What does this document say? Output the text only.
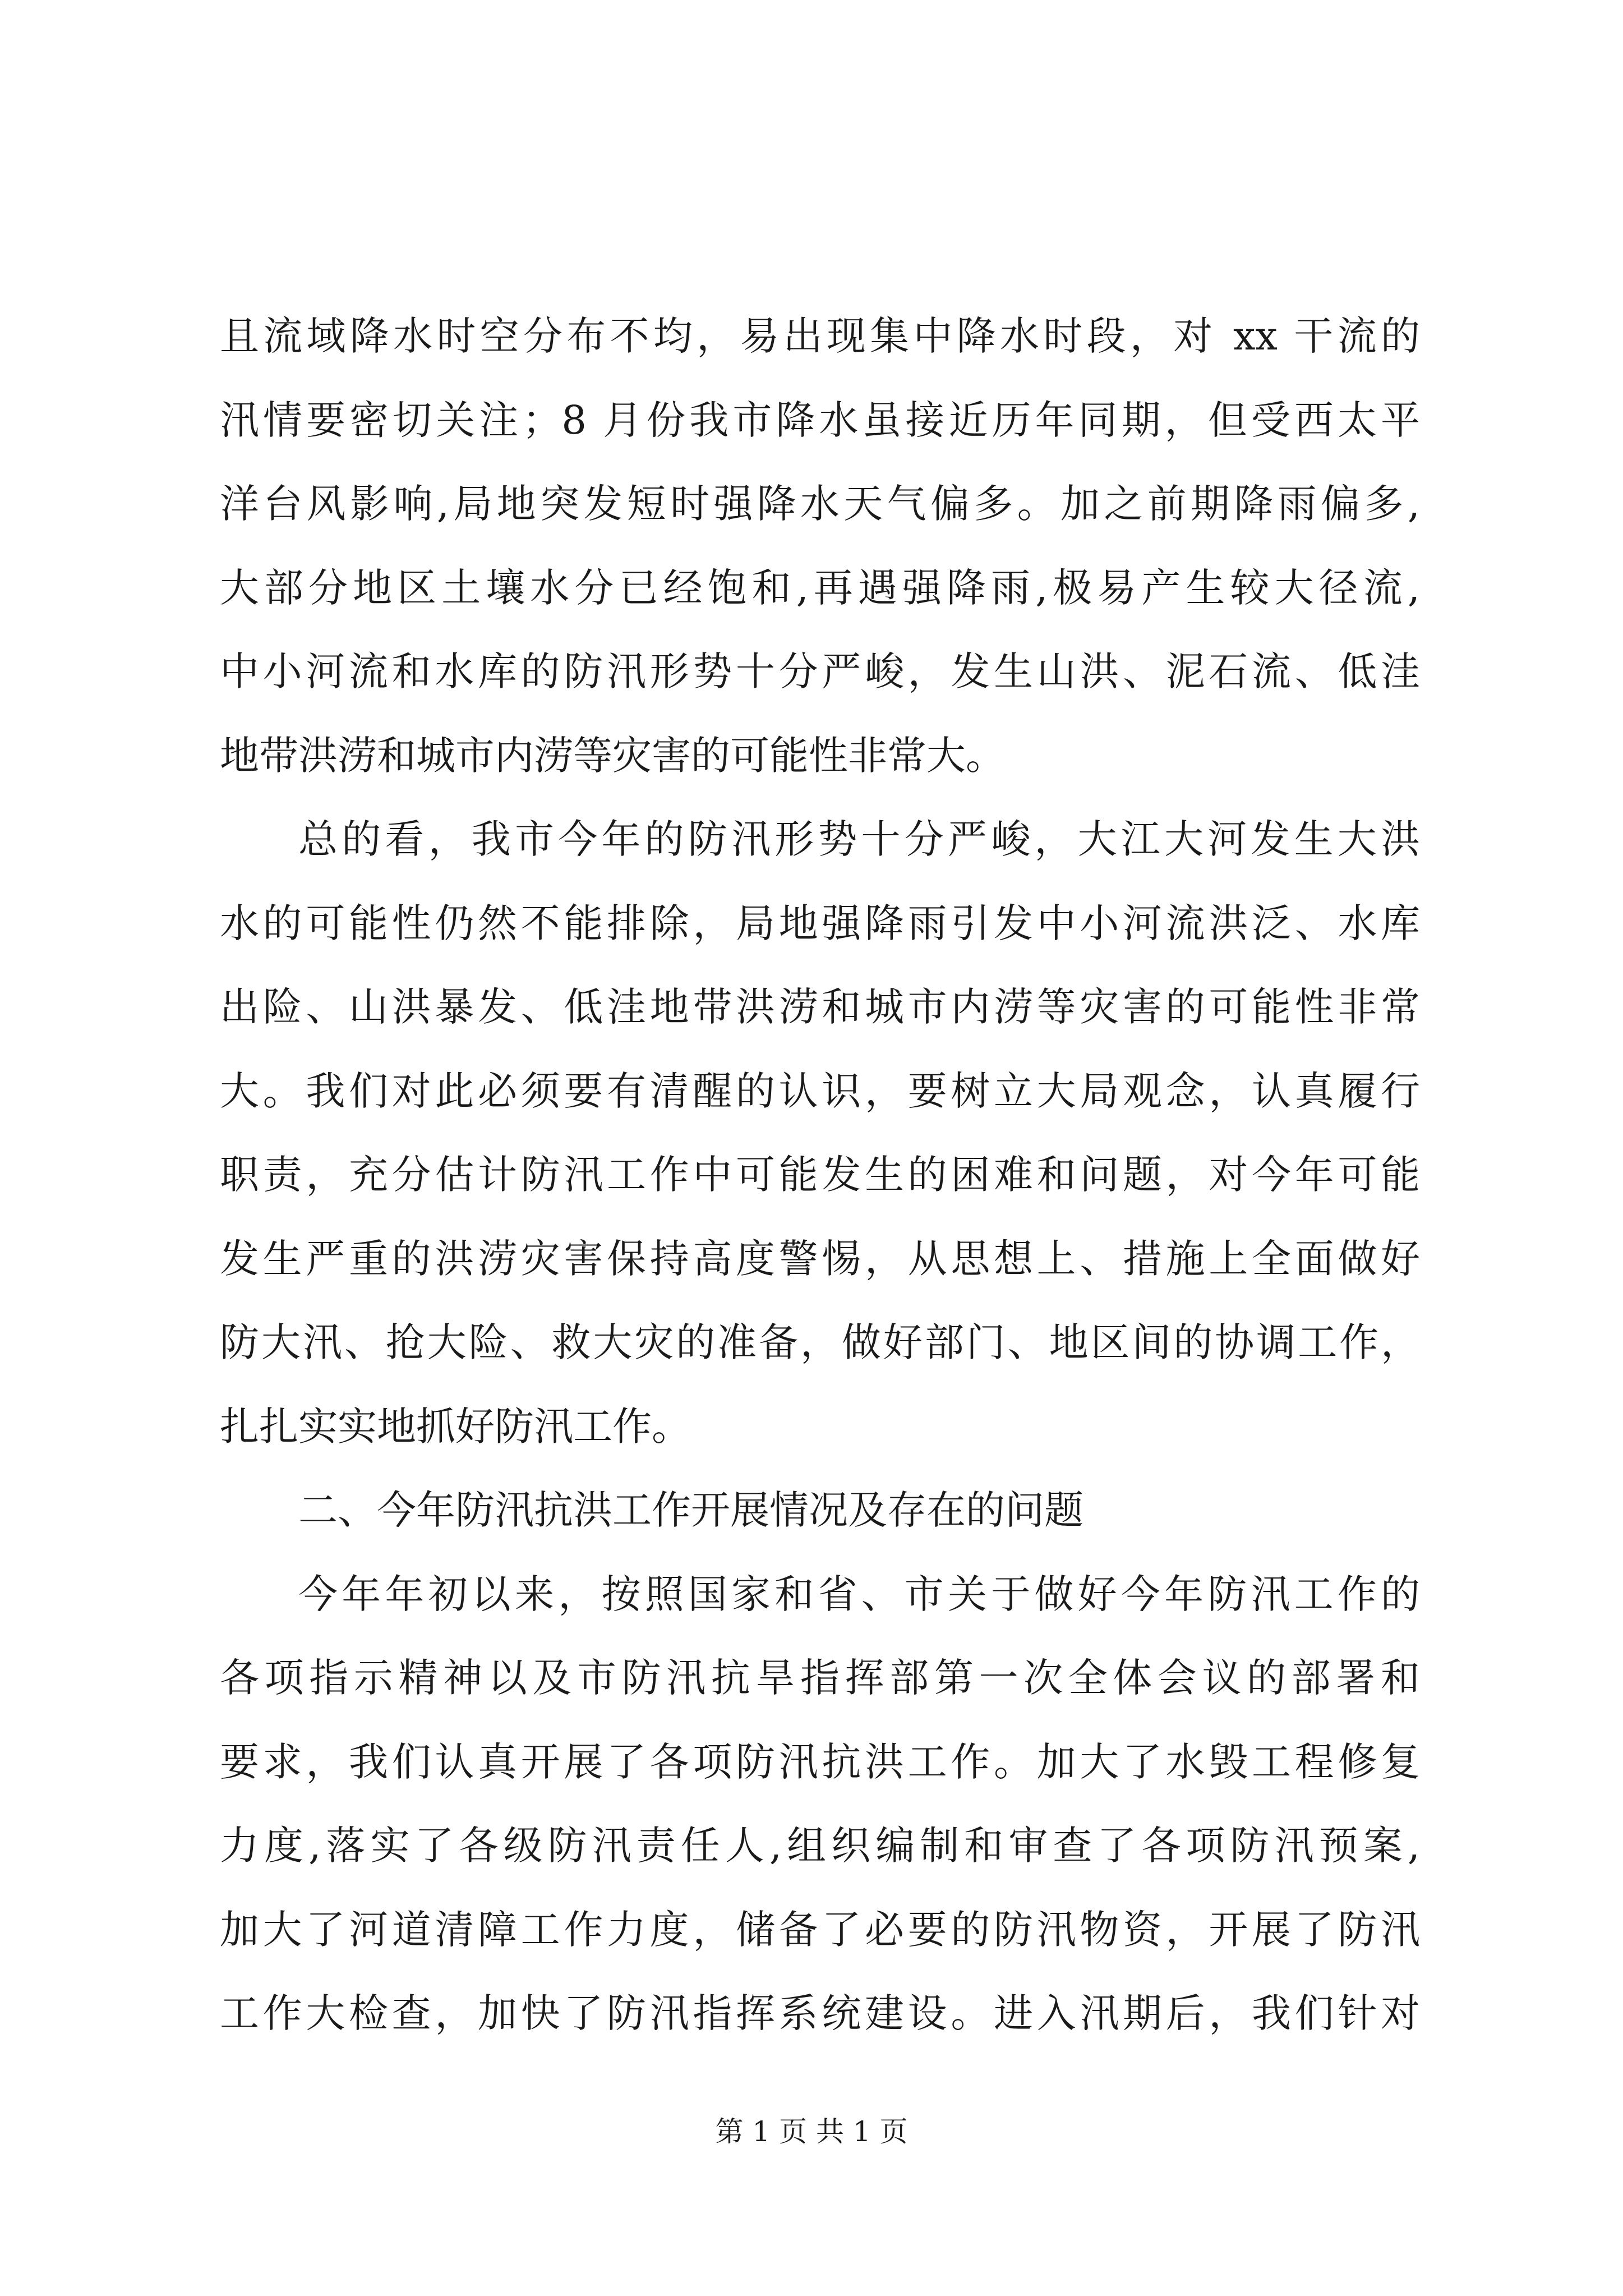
且流域降水时空分布不均，易出现集中降水时段，对 xx 干流的
汛情要密切关注；8 月份我市降水虽接近历年同期，但受西太平
洋台风影响,局地突发短时强降水天气偏多。加之前期降雨偏多,
大部分地区土壤水分已经饱和,再遇强降雨,极易产生较大径流,
中小河流和水库的防汛形势十分严峻，发生山洪、泥石流、低洼
地带洪涝和城市内涝等灾害的可能性非常大。
总的看，我市今年的防汛形势十分严峻，大江大河发生大洪
水的可能性仍然不能排除，局地强降雨引发中小河流洪泛、水库
出险、山洪暴发、低洼地带洪涝和城市内涝等灾害的可能性非常
大。我们对此必须要有清醒的认识，要树立大局观念，认真履行
职责，充分估计防汛工作中可能发生的困难和问题，对今年可能
发生严重的洪涝灾害保持高度警惕，从思想上、措施上全面做好
防大汛、抢大险、救大灾的准备，做好部门、地区间的协调工作，
扎扎实实地抓好防汛工作。
二、今年防汛抗洪工作开展情况及存在的问题
今年年初以来，按照国家和省、市关于做好今年防汛工作的
各项指示精神以及市防汛抗旱指挥部第一次全体会议的部署和
要求，我们认真开展了各项防汛抗洪工作。加大了水毁工程修复
力度,落实了各级防汛责任人,组织编制和审查了各项防汛预案,
加大了河道清障工作力度，储备了必要的防汛物资，开展了防汛
工作大检查，加快了防汛指挥系统建设。进入汛期后，我们针对
第 1 页 共 1 页
